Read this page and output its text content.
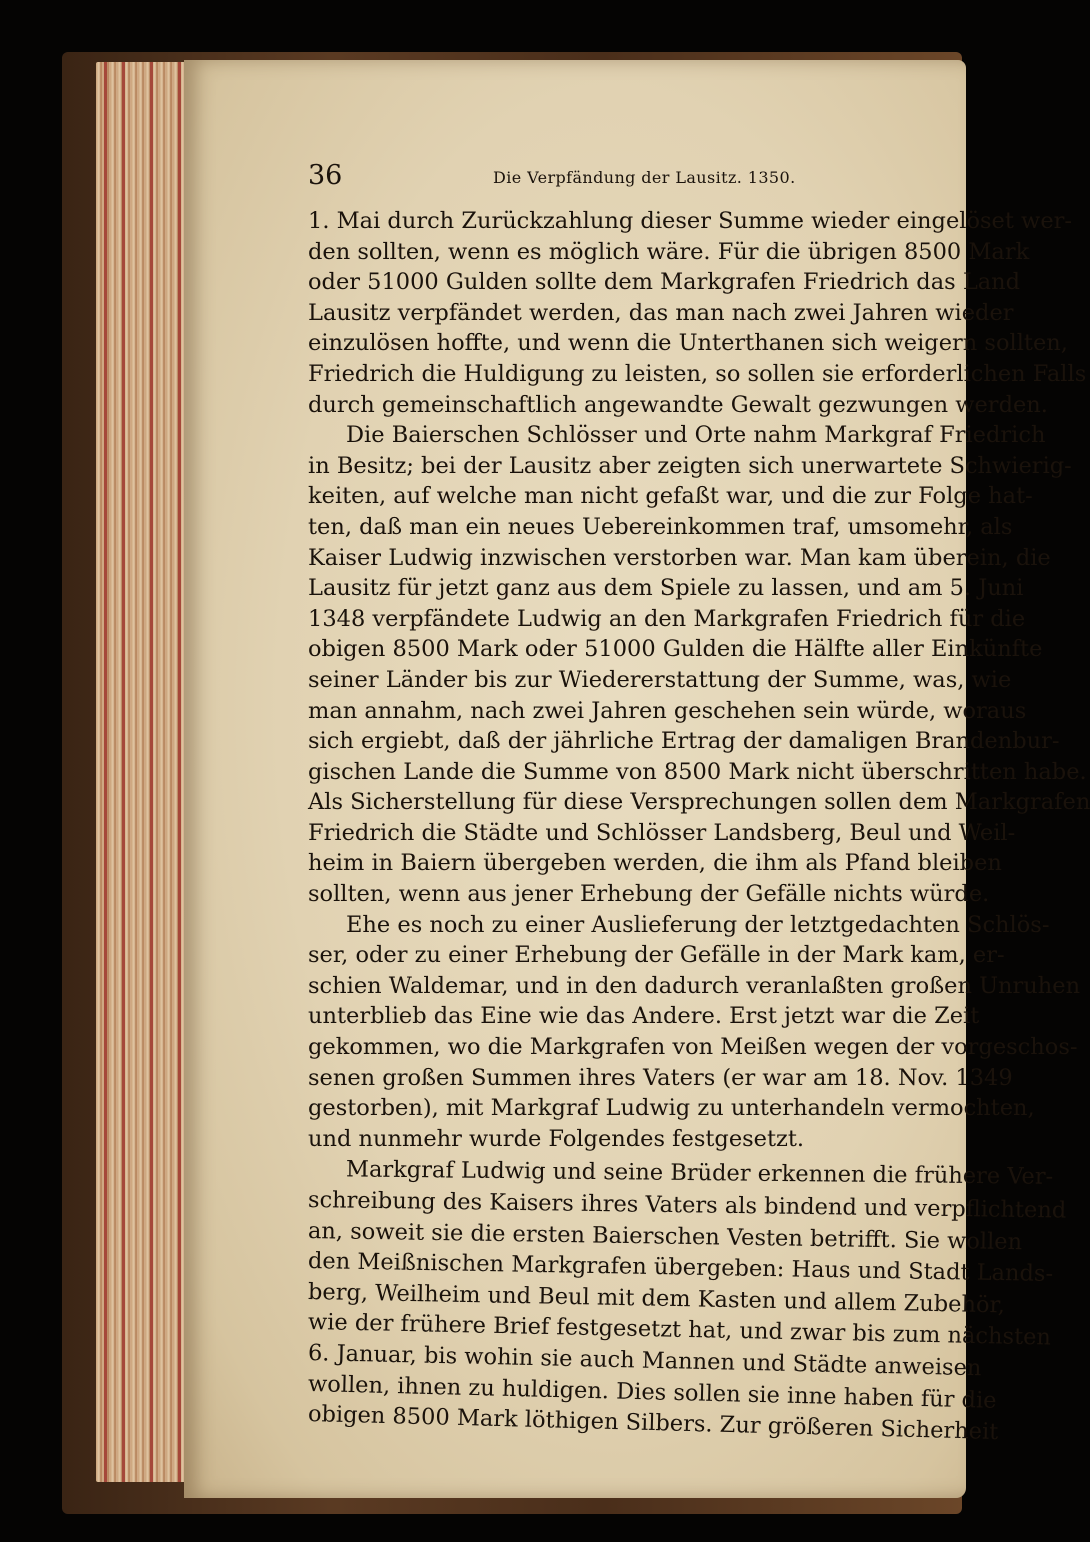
36	Die Verpfändung der Lausitz. 1350.
1. Mai durch Zurückzahlung dieser Summe wieder eingelöset wer-
den sollten, wenn es möglich wäre. Für die übrigen 8500 Mark
oder 51000 Gulden sollte dem Markgrafen Friedrich das Land
Lausitz verpfändet werden, das man nach zwei Jahren wieder
einzulösen hoffte, und wenn die Unterthanen sich weigern sollten,
Friedrich die Huldigung zu leisten, so sollen sie erforderlichen Falls
durch gemeinschaftlich angewandte Gewalt gezwungen werden.
Die Baierschen Schlösser und Orte nahm Markgraf Friedrich
in Besitz; bei der Lausitz aber zeigten sich unerwartete Schwierig-
keiten, auf welche man nicht gefaßt war, und die zur Folge hat-
ten, daß man ein neues Uebereinkommen traf, umsomehr, als
Kaiser Ludwig inzwischen verstorben war. Man kam überein, die
Lausitz für jetzt ganz aus dem Spiele zu lassen, und am 5. Juni
1348 verpfändete Ludwig an den Markgrafen Friedrich für die
obigen 8500 Mark oder 51000 Gulden die Hälfte aller Einkünfte
seiner Länder bis zur Wiedererstattung der Summe, was, wie
man annahm, nach zwei Jahren geschehen sein würde, woraus
sich ergiebt, daß der jährliche Ertrag der damaligen Brandenbur-
gischen Lande die Summe von 8500 Mark nicht überschritten habe.
Als Sicherstellung für diese Versprechungen sollen dem Markgrafen
Friedrich die Städte und Schlösser Landsberg, Beul und Weil-
heim in Baiern übergeben werden, die ihm als Pfand bleiben
sollten, wenn aus jener Erhebung der Gefälle nichts würde.
Ehe es noch zu einer Auslieferung der letztgedachten Schlös-
ser, oder zu einer Erhebung der Gefälle in der Mark kam, er-
schien Waldemar, und in den dadurch veranlaßten großen Unruhen
unterblieb das Eine wie das Andere. Erst jetzt war die Zeit
gekommen, wo die Markgrafen von Meißen wegen der vorgeschos-
senen großen Summen ihres Vaters (er war am 18. Nov. 1349
gestorben), mit Markgraf Ludwig zu unterhandeln vermochten,
und nunmehr wurde Folgendes festgesetzt.
Markgraf Ludwig und seine Brüder erkennen die frühere Ver-
schreibung des Kaisers ihres Vaters als bindend und verpflichtend
an, soweit sie die ersten Baierschen Vesten betrifft. Sie wollen
den Meißnischen Markgrafen übergeben: Haus und Stadt Lands-
berg, Weilheim und Beul mit dem Kasten und allem Zubehör,
wie der frühere Brief festgesetzt hat, und zwar bis zum nächsten
6. Januar, bis wohin sie auch Mannen und Städte anweisen
wollen, ihnen zu huldigen. Dies sollen sie inne haben für die
obigen 8500 Mark löthigen Silbers. Zur größeren Sicherheit
